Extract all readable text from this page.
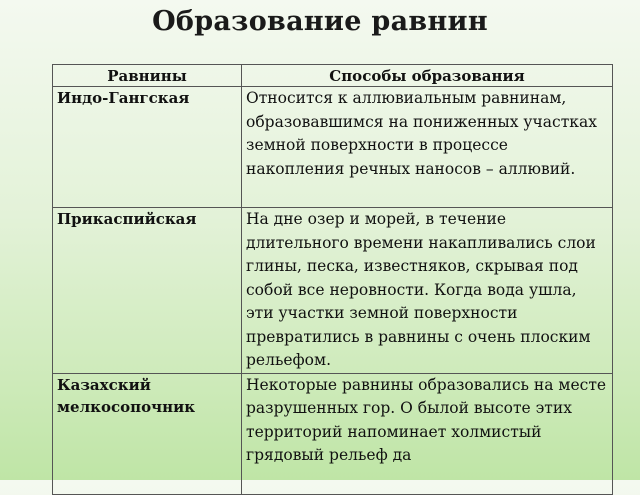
Образование равнин
Равнины	Способы образования
Индо-Гангская	Относится к аллювиальным равнинам, образовавшимся на пониженных участках земной поверхности в процессе накопления речных наносов – аллювий.
Прикаспийская	На дне озер и морей, в течение длительного времени накапливались слои глины, песка, известняков, скрывая под собой все неровности. Когда вода ушла, эти участки земной поверхности превратились в равнины с очень плоским рельефом.
Казахский мелкосопочник	Некоторые равнины образовались на месте разрушенных гор. О былой высоте этих территорий напоминает холмистый грядовый рельеф да
